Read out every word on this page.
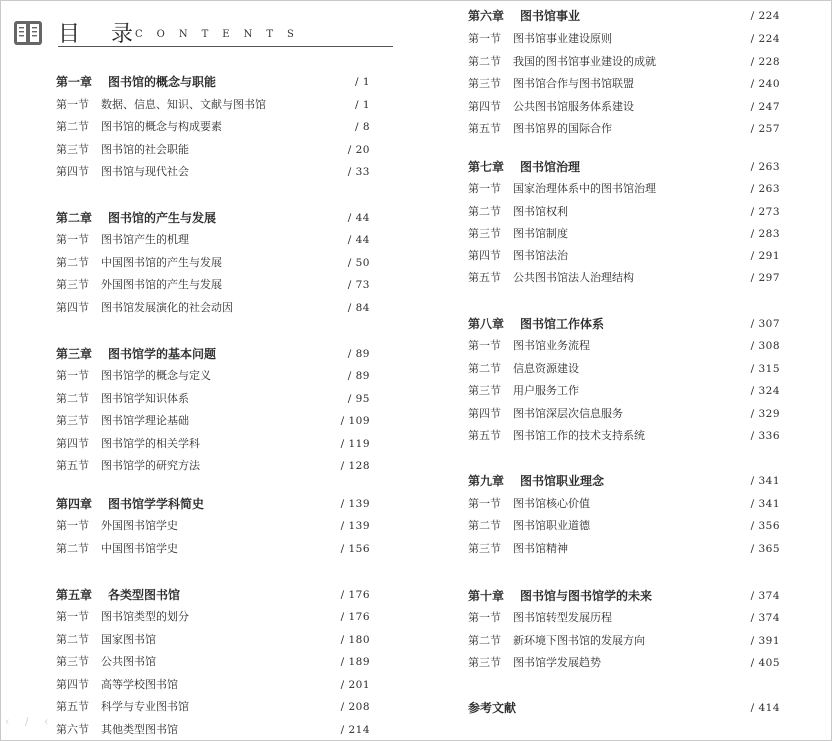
目 录
CONTENTS
第一章 图书馆的概念与职能	∕ 1
第一节 数据、信息、知识、文献与图书馆	∕ 1
第二节 图书馆的概念与构成要素	∕ 8
第三节 图书馆的社会职能	∕ 20
第四节 图书馆与现代社会	∕ 33
第二章 图书馆的产生与发展	∕ 44
第一节 图书馆产生的机理	∕ 44
第二节 中国图书馆的产生与发展	∕ 50
第三节 外国图书馆的产生与发展	∕ 73
第四节 图书馆发展演化的社会动因	∕ 84
第三章 图书馆学的基本问题	∕ 89
第一节 图书馆学的概念与定义	∕ 89
第二节 图书馆学知识体系	∕ 95
第三节 图书馆学理论基础	∕ 109
第四节 图书馆学的相关学科	∕ 119
第五节 图书馆学的研究方法	∕ 128
第四章 图书馆学学科简史	∕ 139
第一节 外国图书馆学史	∕ 139
第二节 中国图书馆学史	∕ 156
第五章 各类型图书馆	∕ 176
第一节 图书馆类型的划分	∕ 176
第二节 国家图书馆	∕ 180
第三节 公共图书馆	∕ 189
第四节 高等学校图书馆	∕ 201
第五节 科学与专业图书馆	∕ 208
第六节 其他类型图书馆	∕ 214
第六章 图书馆事业	∕ 224
第一节 图书馆事业建设原则	∕ 224
第二节 我国的图书馆事业建设的成就	∕ 228
第三节 图书馆合作与图书馆联盟	∕ 240
第四节 公共图书馆服务体系建设	∕ 247
第五节 图书馆界的国际合作	∕ 257
第七章 图书馆治理	∕ 263
第一节 国家治理体系中的图书馆治理	∕ 263
第二节 图书馆权利	∕ 273
第三节 图书馆制度	∕ 283
第四节 图书馆法治	∕ 291
第五节 公共图书馆法人治理结构	∕ 297
第八章 图书馆工作体系	∕ 307
第一节 图书馆业务流程	∕ 308
第二节 信息资源建设	∕ 315
第三节 用户服务工作	∕ 324
第四节 图书馆深层次信息服务	∕ 329
第五节 图书馆工作的技术支持系统	∕ 336
第九章 图书馆职业理念	∕ 341
第一节 图书馆核心价值	∕ 341
第二节 图书馆职业道德	∕ 356
第三节 图书馆精神	∕ 365
第十章 图书馆与图书馆学的未来	∕ 374
第一节 图书馆转型发展历程	∕ 374
第二节 新环境下图书馆的发展方向	∕ 391
第三节 图书馆学发展趋势	∕ 405
参考文献	∕ 414
‹ ∕ ‹
